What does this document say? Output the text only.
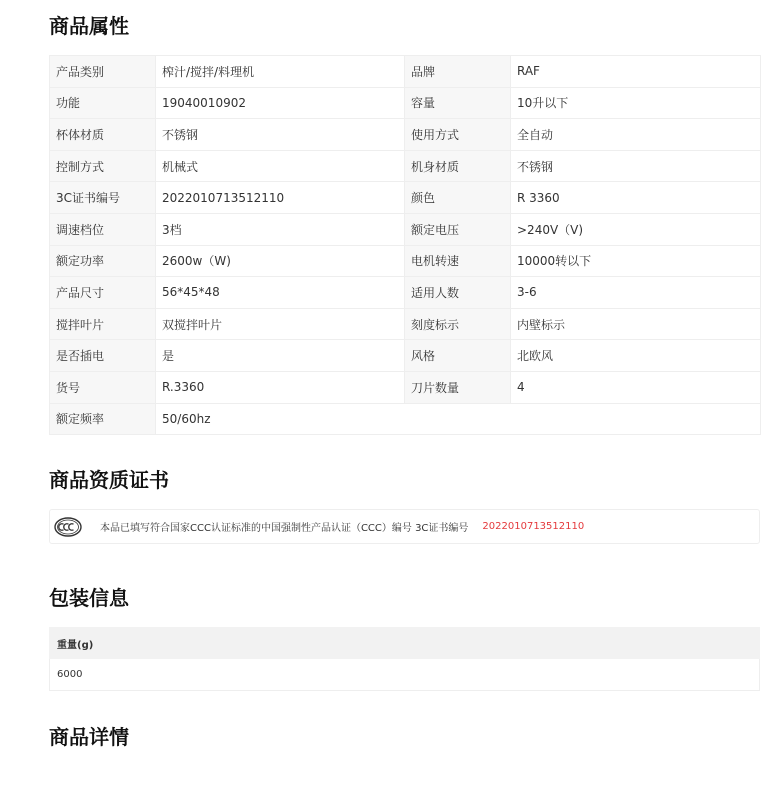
商品属性
产品类别	榨汁/搅拌/料理机	品牌	RAF
功能	19040010902	容量	10升以下
杯体材质	不锈钢	使用方式	全自动
控制方式	机械式	机身材质	不锈钢
3C证书编号	2022010713512110	颜色	R 3360
调速档位	3档	额定电压	>240V（V)
额定功率	2600w（W)	电机转速	10000转以下
产品尺寸	56*45*48	适用人数	3-6
搅拌叶片	双搅拌叶片	刻度标示	内壁标示
是否插电	是	风格	北欧风
货号	R.3360	刀片数量	4
额定频率	50/60hz		
商品资质证书
本品已填写符合国家CCC认证标准的中国强制性产品认证（CCC）编号 3C证书编号 2022010713512110
包装信息
重量(g)
6000
商品详情
